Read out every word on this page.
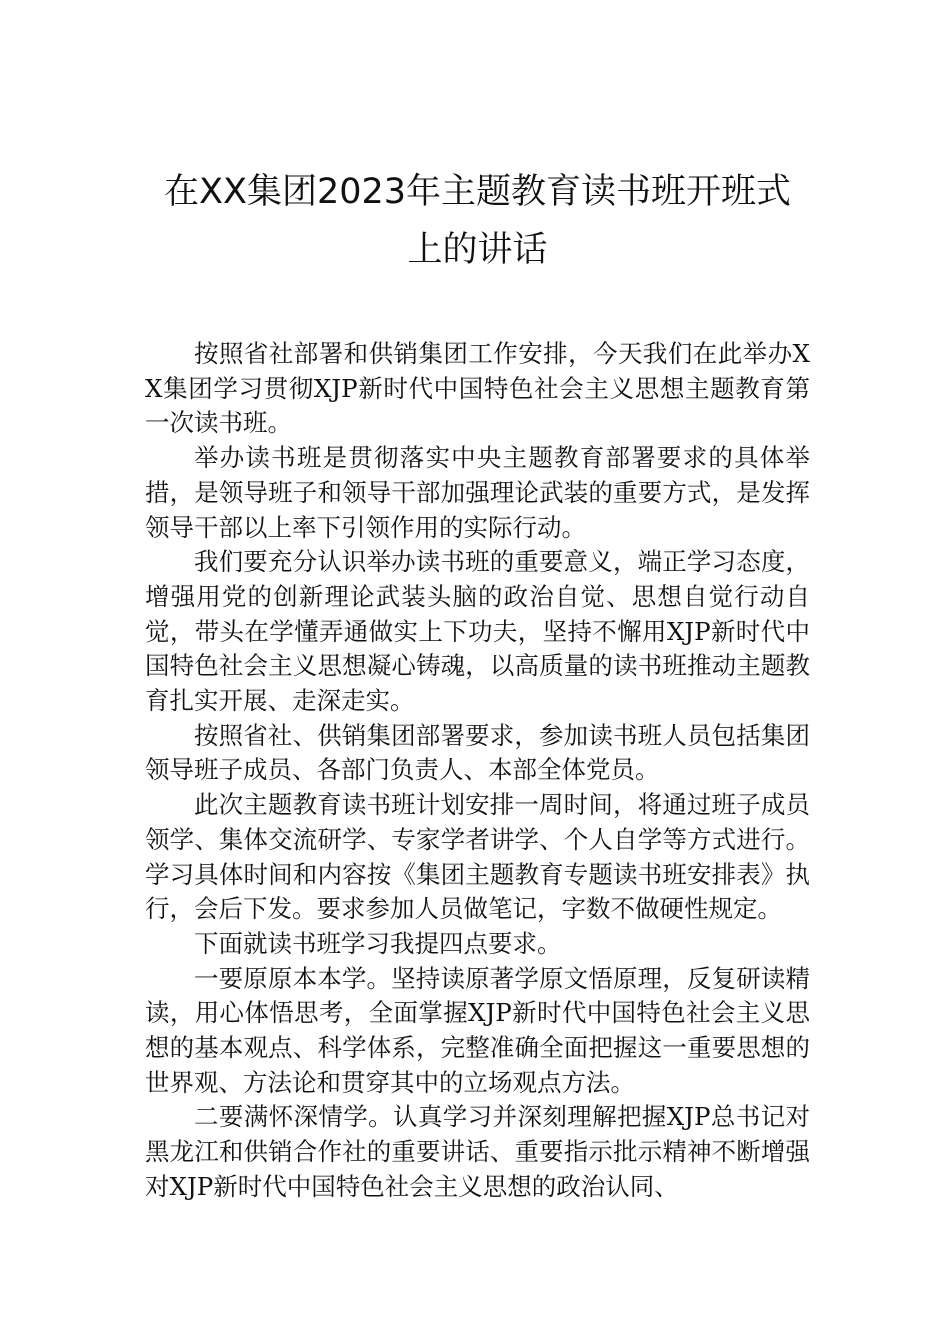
在XX集团2023年主题教育读书班开班式
上的讲话

按照省社部署和供销集团工作安排，今天我们在此举办XX集团学习贯彻XJP新时代中国特色社会主义思想主题教育第一次读书班。

举办读书班是贯彻落实中央主题教育部署要求的具体举措，是领导班子和领导干部加强理论武装的重要方式，是发挥领导干部以上率下引领作用的实际行动。

我们要充分认识举办读书班的重要意义，端正学习态度，增强用党的创新理论武装头脑的政治自觉、思想自觉行动自觉，带头在学懂弄通做实上下功夫，坚持不懈用XJP新时代中国特色社会主义思想凝心铸魂，以高质量的读书班推动主题教育扎实开展、走深走实。

按照省社、供销集团部署要求，参加读书班人员包括集团领导班子成员、各部门负责人、本部全体党员。

此次主题教育读书班计划安排一周时间，将通过班子成员领学、集体交流研学、专家学者讲学、个人自学等方式进行。学习具体时间和内容按《集团主题教育专题读书班安排表》执行，会后下发。要求参加人员做笔记，字数不做硬性规定。

下面就读书班学习我提四点要求。

一要原原本本学。坚持读原著学原文悟原理，反复研读精读，用心体悟思考，全面掌握XJP新时代中国特色社会主义思想的基本观点、科学体系，完整准确全面把握这一重要思想的世界观、方法论和贯穿其中的立场观点方法。

二要满怀深情学。认真学习并深刻理解把握XJP总书记对黑龙江和供销合作社的重要讲话、重要指示批示精神不断增强对XJP新时代中国特色社会主义思想的政治认同、
